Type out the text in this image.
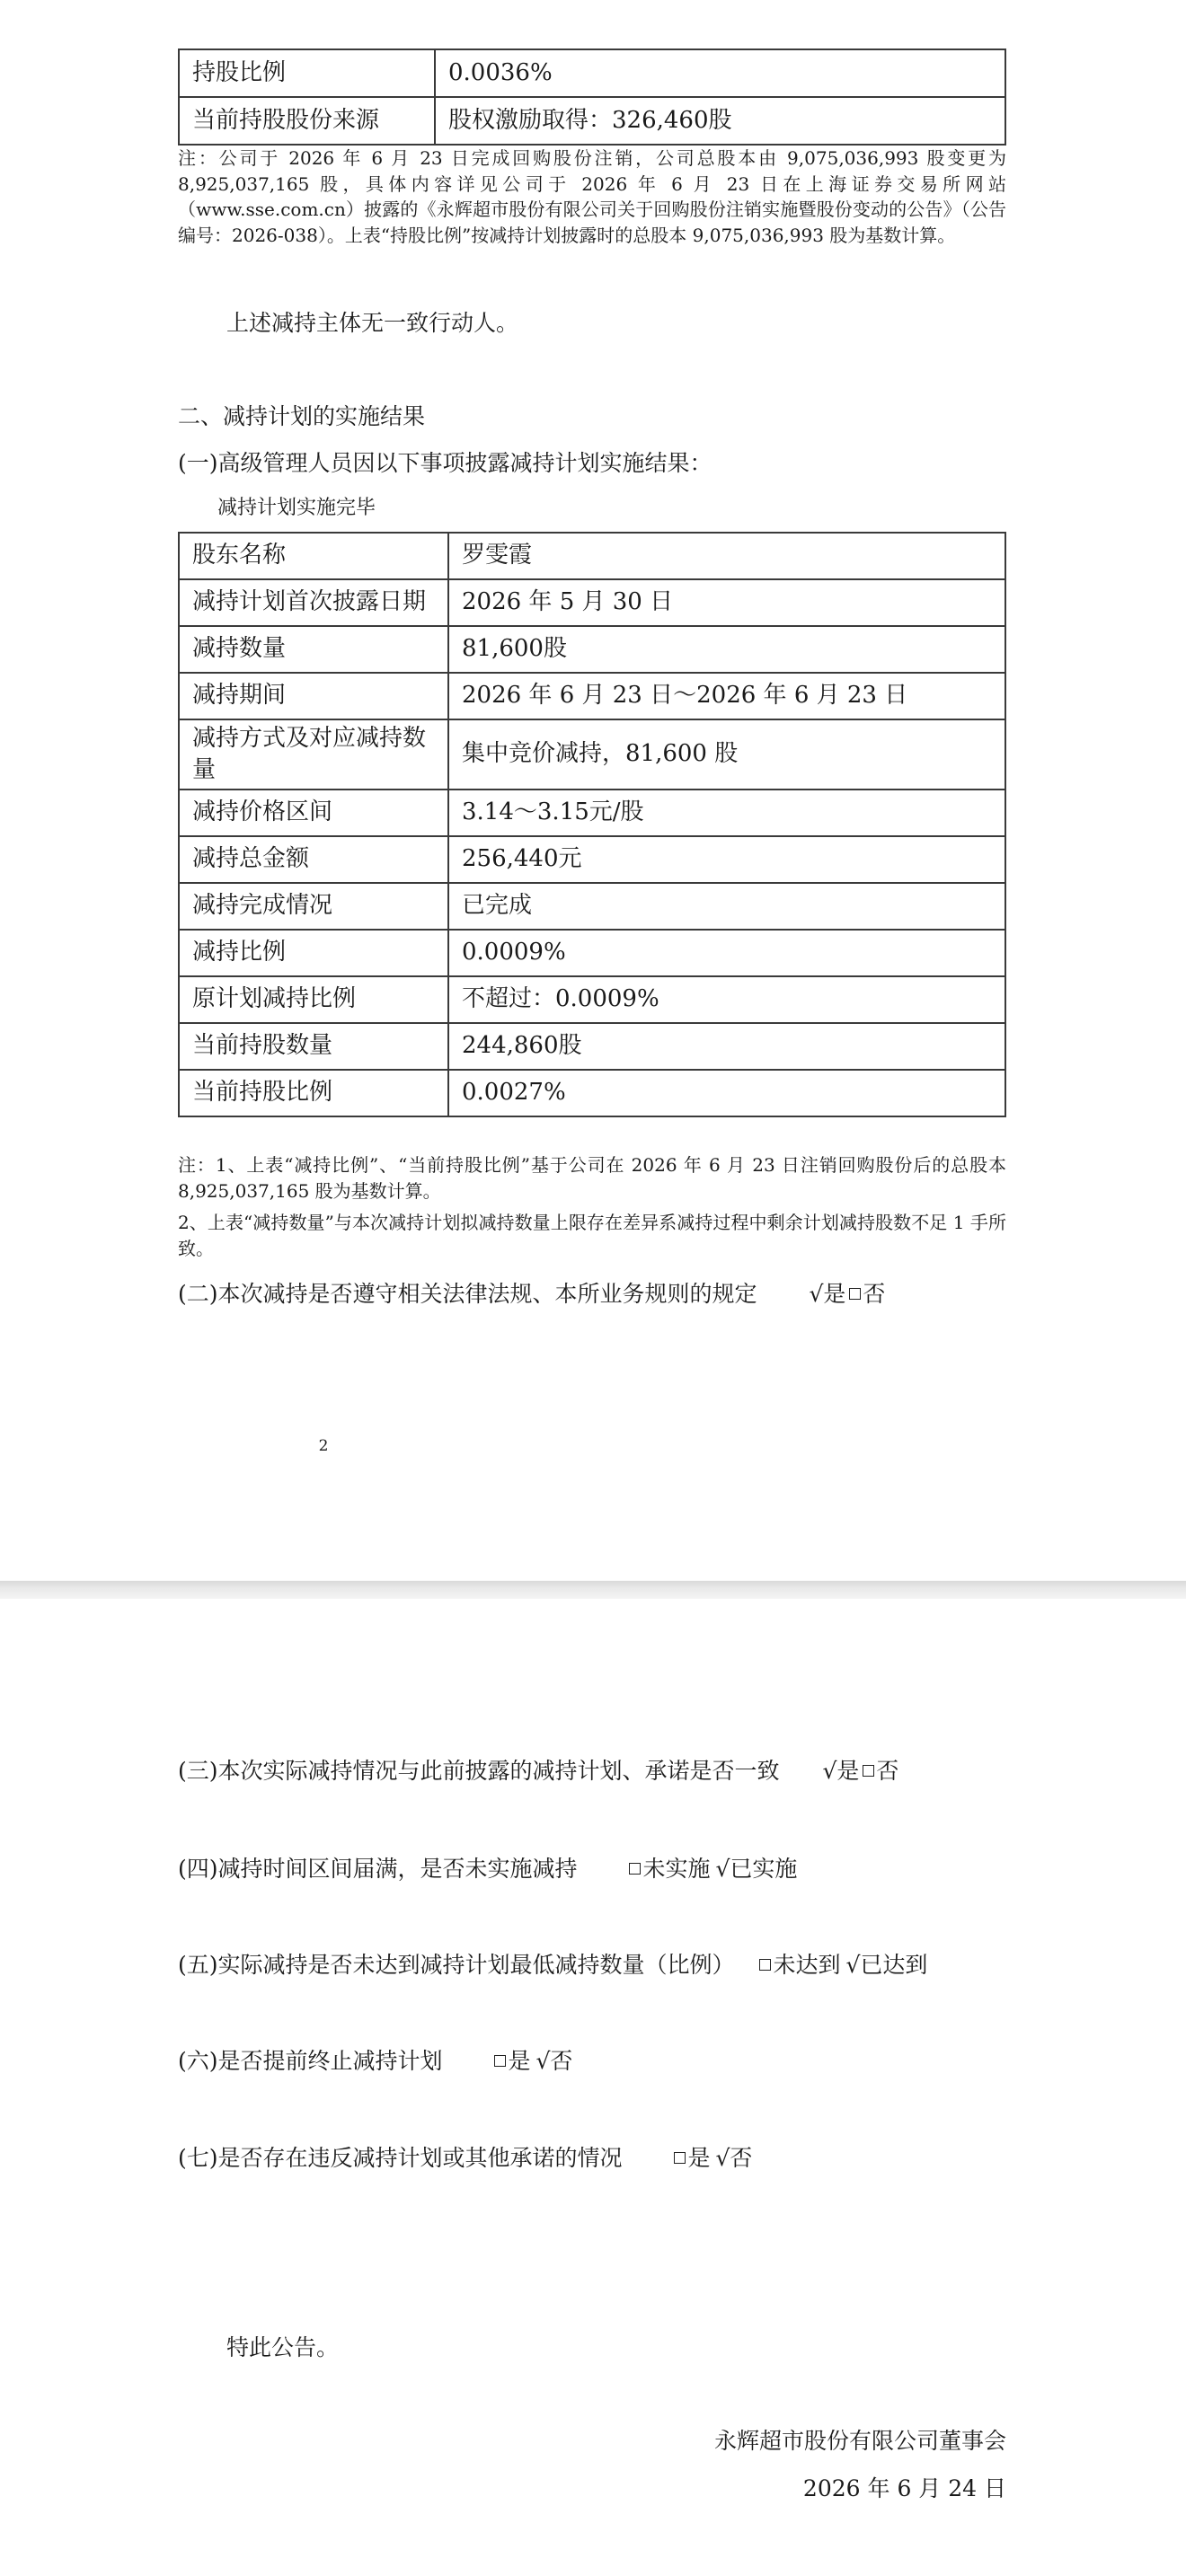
持股比例	0.0036%
当前持股股份来源	股权激励取得：326,460股

注：公司于 2026 年 6 月 23 日完成回购股份注销，公司总股本由 9,075,036,993 股变更为 8,925,037,165 股，具体内容详见公司于 2026 年 6 月 23 日在上海证券交易所网站（www.sse.com.cn）披露的《永辉超市股份有限公司关于回购股份注销实施暨股份变动的公告》（公告编号：2026-038）。上表“持股比例”按减持计划披露时的总股本 9,075,036,993 股为基数计算。

上述减持主体无一致行动人。

二、减持计划的实施结果

(一)高级管理人员因以下事项披露减持计划实施结果：

减持计划实施完毕

股东名称	罗雯霞
减持计划首次披露日期	2026 年 5 月 30 日
减持数量	81,600股
减持期间	2026 年 6 月 23 日～2026 年 6 月 23 日
减持方式及对应减持数量	集中竞价减持，81,600 股
减持价格区间	3.14～3.15元/股
减持总金额	256,440元
减持完成情况	已完成
减持比例	0.0009%
原计划减持比例	不超过：0.0009%
当前持股数量	244,860股
当前持股比例	0.0027%

注：1、上表“减持比例”、“当前持股比例”基于公司在 2026 年 6 月 23 日注销回购股份后的总股本 8,925,037,165 股为基数计算。

2、上表“减持数量”与本次减持计划拟减持数量上限存在差异系减持过程中剩余计划减持股数不足 1 手所致。

(二)本次减持是否遵守相关法律法规、本所业务规则的规定 √是 否

2

(三)本次实际减持情况与此前披露的减持计划、承诺是否一致 √是 否

(四)减持时间区间届满，是否未实施减持	未实施 √已实施

(五)实际减持是否未达到减持计划最低减持数量（比例） 未达到 √已达到

(六)是否提前终止减持计划	是 √否

(七)是否存在违反减持计划或其他承诺的情况	是 √否

特此公告。

永辉超市股份有限公司董事会

2026 年 6 月 24 日
